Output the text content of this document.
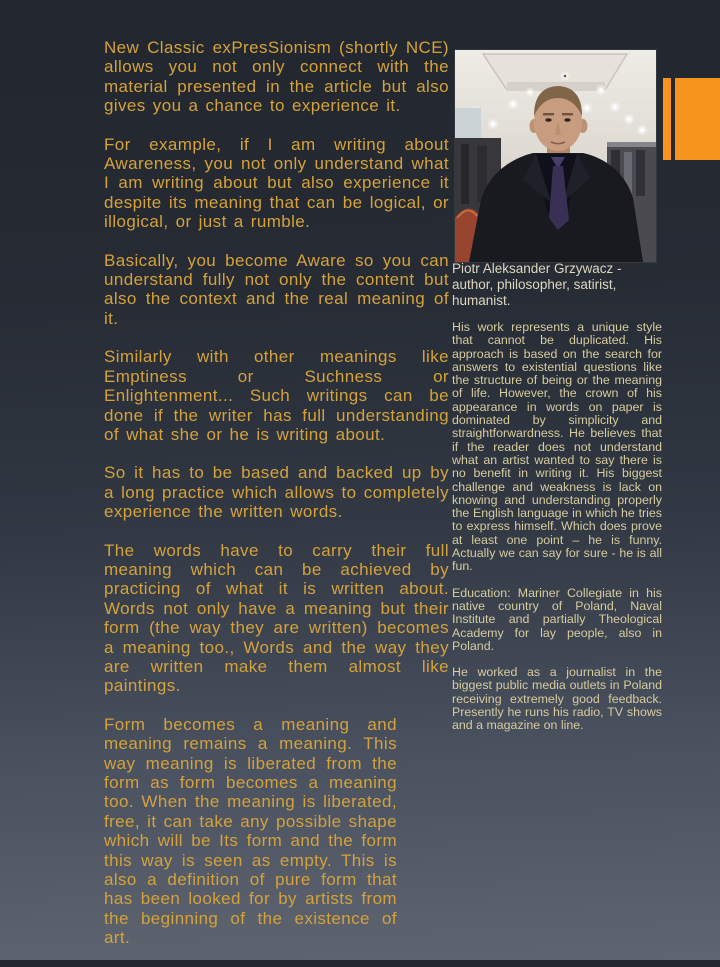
New Classic exPresSionism (shortly NCE) allows you not only connect with the material presented in the article but also gives you a chance to experience it.

For example, if I am writing about Awareness, you not only understand what I am writing about but also experience it despite its meaning that can be logical, or illogical, or just a rumble.

Basically, you become Aware so you can understand fully not only the content but also the context and the real meaning of it.

Similarly with other meanings like Emptiness or Suchness or Enlightenment... Such writings can be done if the writer has full understanding of what she or he is writing about.

So it has to be based and backed up by a long practice which allows to completely experience the written words.

The words have to carry their full meaning which can be achieved by practicing of what it is written about. Words not only have a meaning but their form (the way they are written) becomes a meaning too., Words and the way they are written make them almost like paintings.

Form becomes a meaning and meaning remains a meaning. This way meaning is liberated from the form as form becomes a meaning too. When the meaning is liberated, free, it can take any possible shape which will be Its form and the form this way is seen as empty. This is also a definition of pure form that has been looked for by artists from the beginning of the existence of art.

Piotr Aleksander Grzywacz - author, philosopher, satirist, humanist.

His work represents a unique style that cannot be duplicated. His approach is based on the search for answers to existential questions like the structure of being or the meaning of life. However, the crown of his appearance in words on paper is dominated by simplicity and straightforwardness. He believes that if the reader does not understand what an artist wanted to say there is no benefit in writing it. His biggest challenge and weakness is lack on knowing and understanding properly the English language in which he tries to express himself. Which does prove at least one point – he is funny. Actually we can say for sure - he is all fun.

Education: Mariner Collegiate in his native country of Poland, Naval Institute and partially Theological Academy for lay people, also in Poland.

He worked as a journalist in the biggest public media outlets in Poland receiving extremely good feedback. Presently he runs his radio, TV shows and a magazine on line.
